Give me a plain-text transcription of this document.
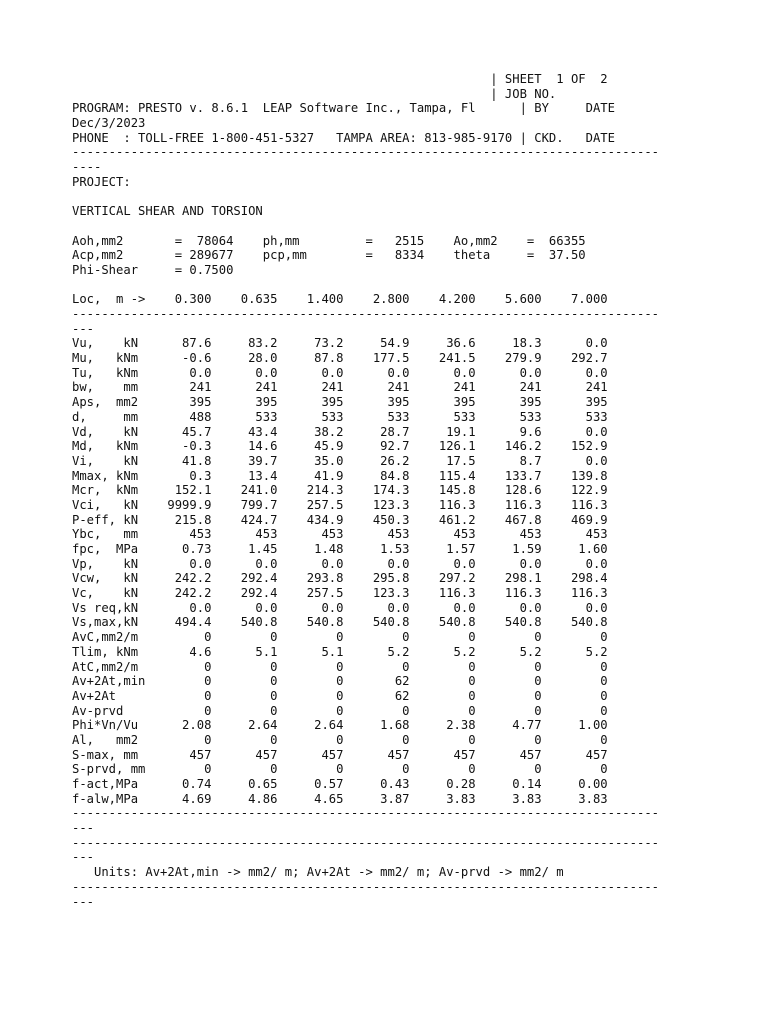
| SHEET  1 OF  2
| JOB NO.
PROGRAM: PRESTO v. 8.6.1  LEAP Software Inc., Tampa, Fl      | BY     DATE
Dec/3/2023
PHONE  : TOLL-FREE 1-800-451-5327   TAMPA AREA: 813-985-9170 | CKD.   DATE
--------------------------------------------------------------------------------
----
PROJECT:
VERTICAL SHEAR AND TORSION
Aoh,mm2       =  78064    ph,mm         =   2515    Ao,mm2    =  66355
Acp,mm2       = 289677    pcp,mm        =   8334    theta     =  37.50
Phi-Shear     = 0.7500
Loc,  m ->    0.300    0.635    1.400    2.800    4.200    5.600    7.000
--------------------------------------------------------------------------------
---
Vu,    kN      87.6     83.2     73.2     54.9     36.6     18.3      0.0
Mu,   kNm      -0.6     28.0     87.8    177.5    241.5    279.9    292.7
Tu,   kNm       0.0      0.0      0.0      0.0      0.0      0.0      0.0
bw,    mm       241      241      241      241      241      241      241
Aps,  mm2       395      395      395      395      395      395      395
d,     mm       488      533      533      533      533      533      533
Vd,    kN      45.7     43.4     38.2     28.7     19.1      9.6      0.0
Md,   kNm      -0.3     14.6     45.9     92.7    126.1    146.2    152.9
Vi,    kN      41.8     39.7     35.0     26.2     17.5      8.7      0.0
Mmax, kNm       0.3     13.4     41.9     84.8    115.4    133.7    139.8
Mcr,  kNm     152.1    241.0    214.3    174.3    145.8    128.6    122.9
Vci,   kN    9999.9    799.7    257.5    123.3    116.3    116.3    116.3
P-eff, kN     215.8    424.7    434.9    450.3    461.2    467.8    469.9
Ybc,   mm       453      453      453      453      453      453      453
fpc,  MPa      0.73     1.45     1.48     1.53     1.57     1.59     1.60
Vp,    kN       0.0      0.0      0.0      0.0      0.0      0.0      0.0
Vcw,   kN     242.2    292.4    293.8    295.8    297.2    298.1    298.4
Vc,    kN     242.2    292.4    257.5    123.3    116.3    116.3    116.3
Vs req,kN       0.0      0.0      0.0      0.0      0.0      0.0      0.0
Vs,max,kN     494.4    540.8    540.8    540.8    540.8    540.8    540.8
AvC,mm2/m         0        0        0        0        0        0        0
Tlim, kNm       4.6      5.1      5.1      5.2      5.2      5.2      5.2
AtC,mm2/m         0        0        0        0        0        0        0
Av+2At,min        0        0        0       62        0        0        0
Av+2At            0        0        0       62        0        0        0
Av-prvd           0        0        0        0        0        0        0
Phi*Vn/Vu      2.08     2.64     2.64     1.68     2.38     4.77     1.00
Al,   mm2         0        0        0        0        0        0        0
S-max, mm       457      457      457      457      457      457      457
S-prvd, mm        0        0        0        0        0        0        0
f-act,MPa      0.74     0.65     0.57     0.43     0.28     0.14     0.00
f-alw,MPa      4.69     4.86     4.65     3.87     3.83     3.83     3.83
--------------------------------------------------------------------------------
---
--------------------------------------------------------------------------------
---
Units: Av+2At,min -> mm2/ m; Av+2At -> mm2/ m; Av-prvd -> mm2/ m
--------------------------------------------------------------------------------
---
